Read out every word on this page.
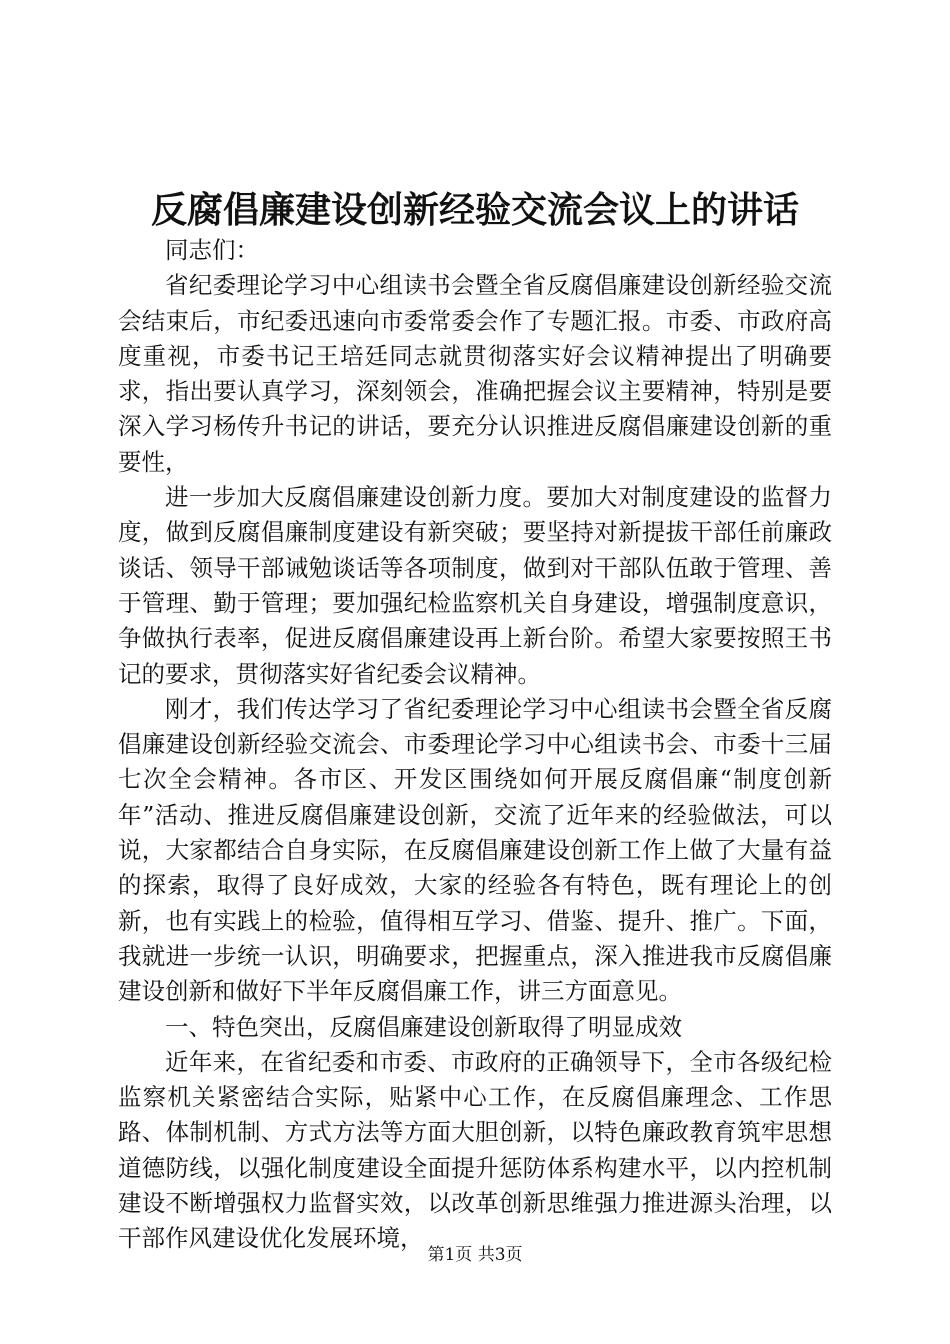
反腐倡廉建设创新经验交流会议上的讲话

同志们：

省纪委理论学习中心组读书会暨全省反腐倡廉建设创新经验交流会结束后，市纪委迅速向市委常委会作了专题汇报。市委、市政府高度重视，市委书记王培廷同志就贯彻落实好会议精神提出了明确要求，指出要认真学习，深刻领会，准确把握会议主要精神，特别是要深入学习杨传升书记的讲话，要充分认识推进反腐倡廉建设创新的重要性，

进一步加大反腐倡廉建设创新力度。要加大对制度建设的监督力度，做到反腐倡廉制度建设有新突破；要坚持对新提拔干部任前廉政谈话、领导干部诫勉谈话等各项制度，做到对干部队伍敢于管理、善于管理、勤于管理；要加强纪检监察机关自身建设，增强制度意识，争做执行表率，促进反腐倡廉建设再上新台阶。希望大家要按照王书记的要求，贯彻落实好省纪委会议精神。

刚才，我们传达学习了省纪委理论学习中心组读书会暨全省反腐倡廉建设创新经验交流会、市委理论学习中心组读书会、市委十三届七次全会精神。各市区、开发区围绕如何开展反腐倡廉“制度创新年”活动、推进反腐倡廉建设创新，交流了近年来的经验做法，可以说，大家都结合自身实际，在反腐倡廉建设创新工作上做了大量有益的探索，取得了良好成效，大家的经验各有特色，既有理论上的创新，也有实践上的检验，值得相互学习、借鉴、提升、推广。下面，我就进一步统一认识，明确要求，把握重点，深入推进我市反腐倡廉建设创新和做好下半年反腐倡廉工作，讲三方面意见。

一、特色突出，反腐倡廉建设创新取得了明显成效

近年来，在省纪委和市委、市政府的正确领导下，全市各级纪检监察机关紧密结合实际，贴紧中心工作，在反腐倡廉理念、工作思路、体制机制、方式方法等方面大胆创新，以特色廉政教育筑牢思想道德防线，以强化制度建设全面提升惩防体系构建水平，以内控机制建设不断增强权力监督实效，以改革创新思维强力推进源头治理，以干部作风建设优化发展环境，

第1页 共3页
